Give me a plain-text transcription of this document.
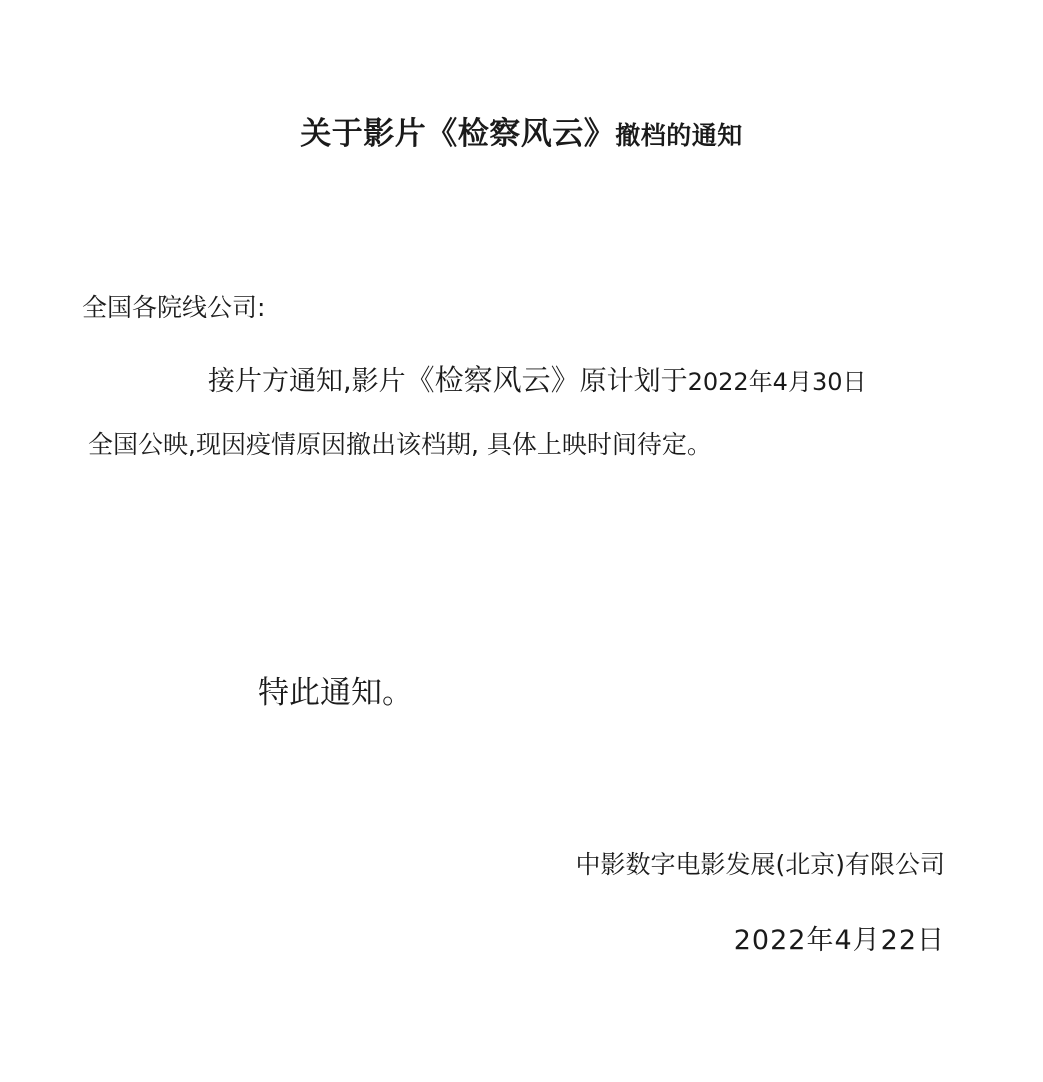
关于影片《检察风云》撤档的通知
全国各院线公司:
接片方通知,影片《检察风云》原计划于2022年4月30日
全国公映,现因疫情原因撤出该档期, 具体上映时间待定。
特此通知。
中影数字电影发展(北京)有限公司
2022年4月22日
